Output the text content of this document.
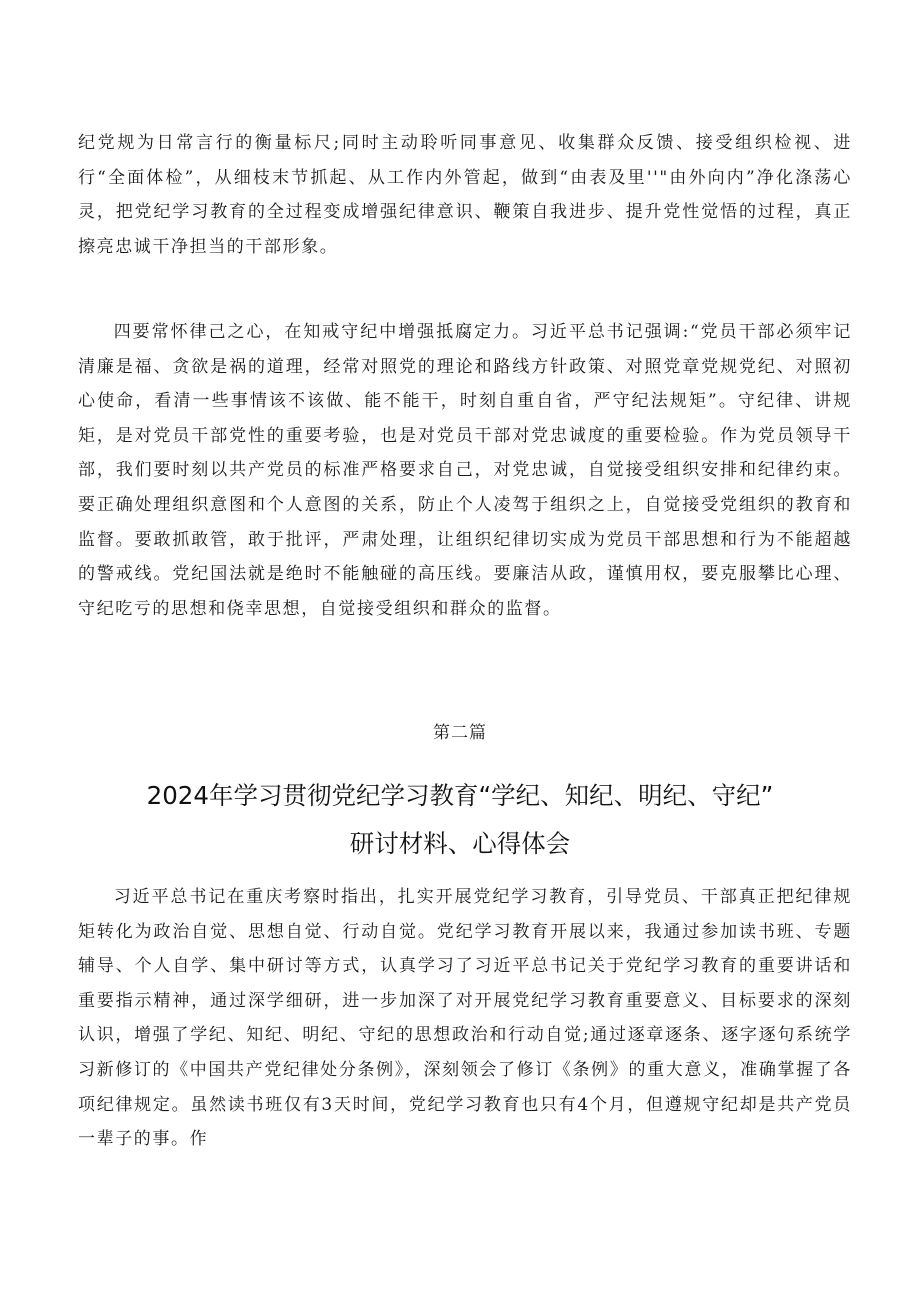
纪党规为日常言行的衡量标尺;同时主动聆听同事意见、收集群众反馈、接受组织检视、进行“全面体检”，从细枝末节抓起、从工作内外管起，做到“由表及里''"由外向内”净化涤荡心灵，把党纪学习教育的全过程变成增强纪律意识、鞭策自我进步、提升党性觉悟的过程，真正擦亮忠诚干净担当的干部形象。

四要常怀律己之心，在知戒守纪中增强抵腐定力。习近平总书记强调:“党员干部必须牢记清廉是福、贪欲是祸的道理，经常对照党的理论和路线方针政策、对照党章党规党纪、对照初心使命，看清一些事情该不该做、能不能干，时刻自重自省，严守纪法规矩”。守纪律、讲规矩，是对党员干部党性的重要考验，也是对党员干部对党忠诚度的重要检验。作为党员领导干部，我们要时刻以共产党员的标准严格要求自己，对党忠诚，自觉接受组织安排和纪律约束。要正确处理组织意图和个人意图的关系，防止个人凌驾于组织之上，自觉接受党组织的教育和监督。要敢抓敢管，敢于批评，严肃处理，让组织纪律切实成为党员干部思想和行为不能超越的警戒线。党纪国法就是绝时不能触碰的高压线。要廉洁从政，谨慎用权，要克服攀比心理、守纪吃亏的思想和侥幸思想，自觉接受组织和群众的监督。

第二篇

2024年学习贯彻党纪学习教育“学纪、知纪、明纪、守纪”
研讨材料、心得体会

习近平总书记在重庆考察时指出，扎实开展党纪学习教育，引导党员、干部真正把纪律规矩转化为政治自觉、思想自觉、行动自觉。党纪学习教育开展以来，我通过参加读书班、专题辅导、个人自学、集中研讨等方式，认真学习了习近平总书记关于党纪学习教育的重要讲话和重要指示精神，通过深学细研，进一步加深了对开展党纪学习教育重要意义、目标要求的深刻认识，增强了学纪、知纪、明纪、守纪的思想政治和行动自觉;通过逐章逐条、逐字逐句系统学习新修订的《中国共产党纪律处分条例》，深刻领会了修订《条例》的重大意义，准确掌握了各项纪律规定。虽然读书班仅有3天时间，党纪学习教育也只有4个月，但遵规守纪却是共产党员一辈子的事。作
